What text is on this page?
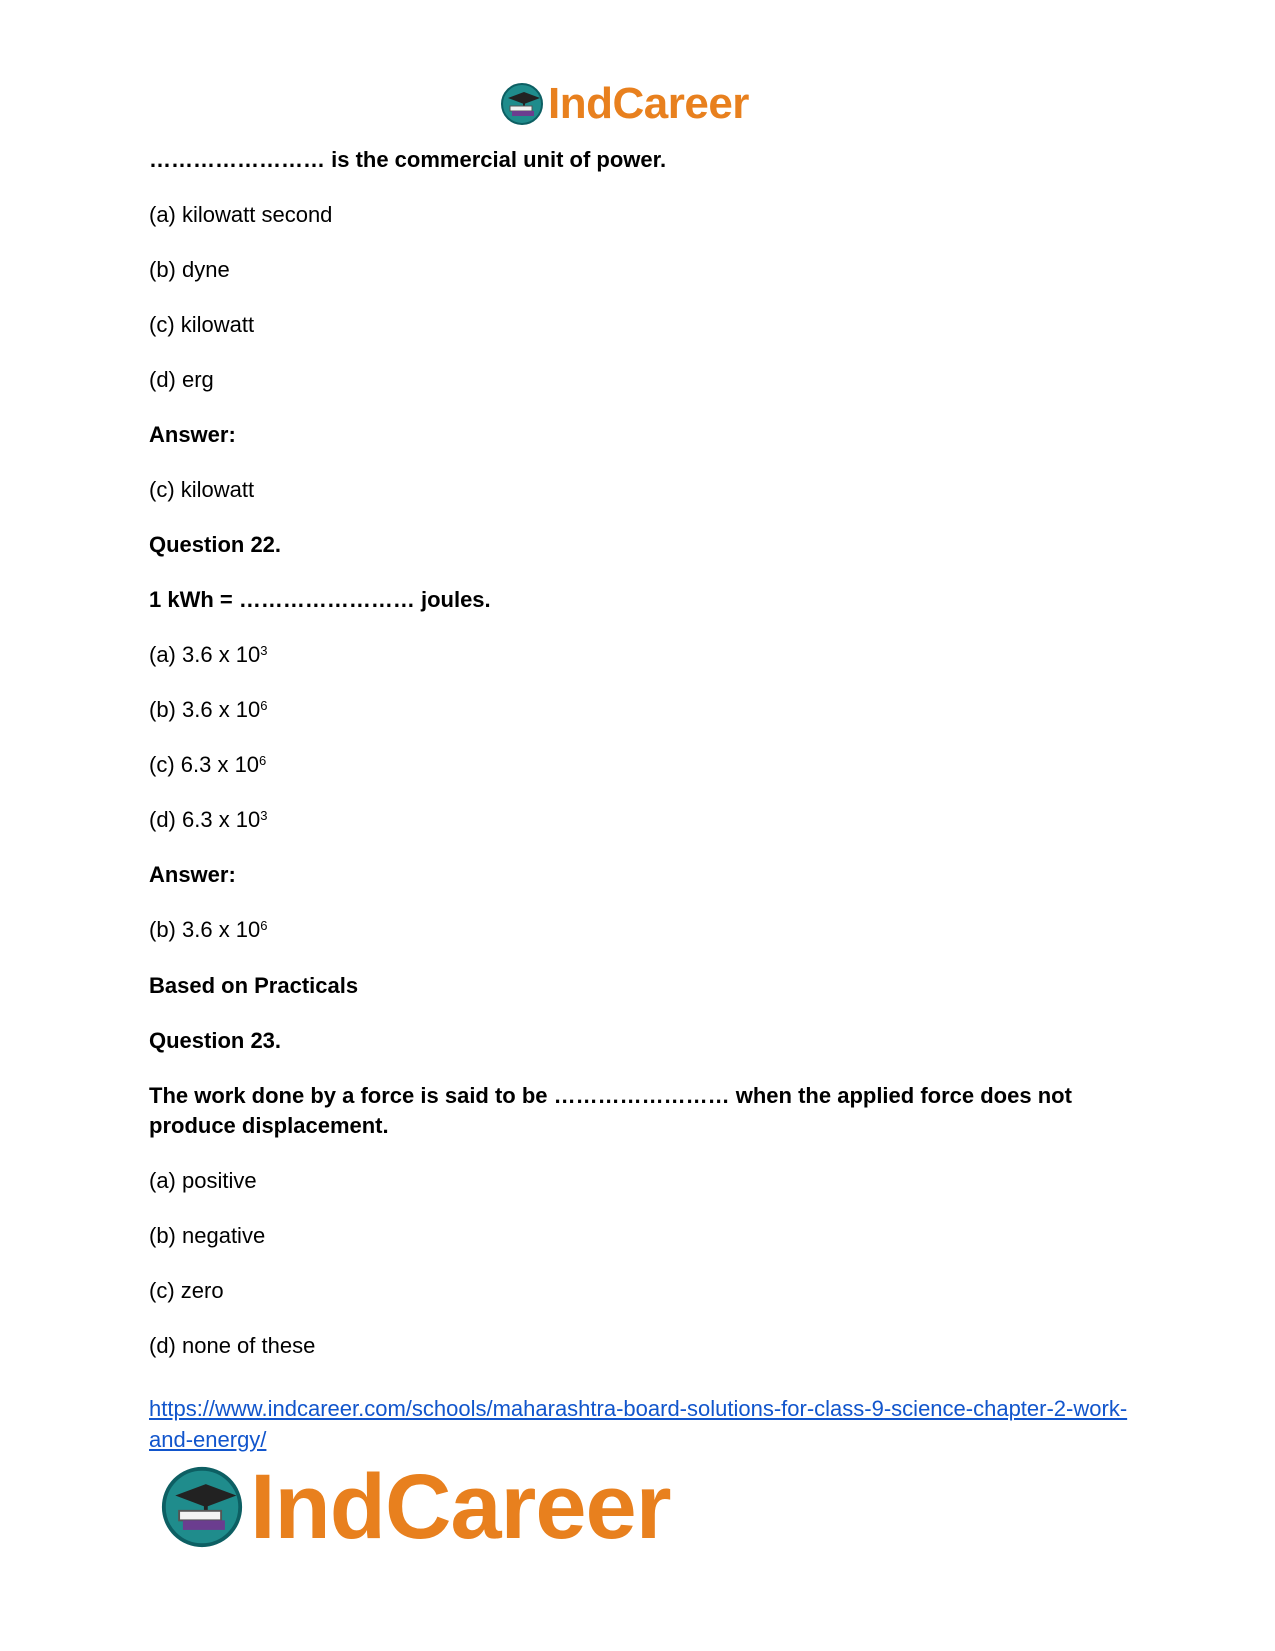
IndCareer
…………………… is the commercial unit of power.
(a) kilowatt second
(b) dyne
(c) kilowatt
(d) erg
Answer:
(c) kilowatt
Question 22.
1 kWh = …………………… joules.
(a) 3.6 x $10^3$
(b) 3.6 x $10^6$
(c) 6.3 x $10^6$
(d) 6.3 x $10^3$
Answer:
(b) 3.6 x $10^6$
Based on Practicals
Question 23.
The work done by a force is said to be …………………… when the applied force does not produce displacement.
(a) positive
(b) negative
(c) zero
(d) none of these
https://www.indcareer.com/schools/maharashtra-board-solutions-for-class-9-science-chapter-2-work-and-energy/
IndCareer
